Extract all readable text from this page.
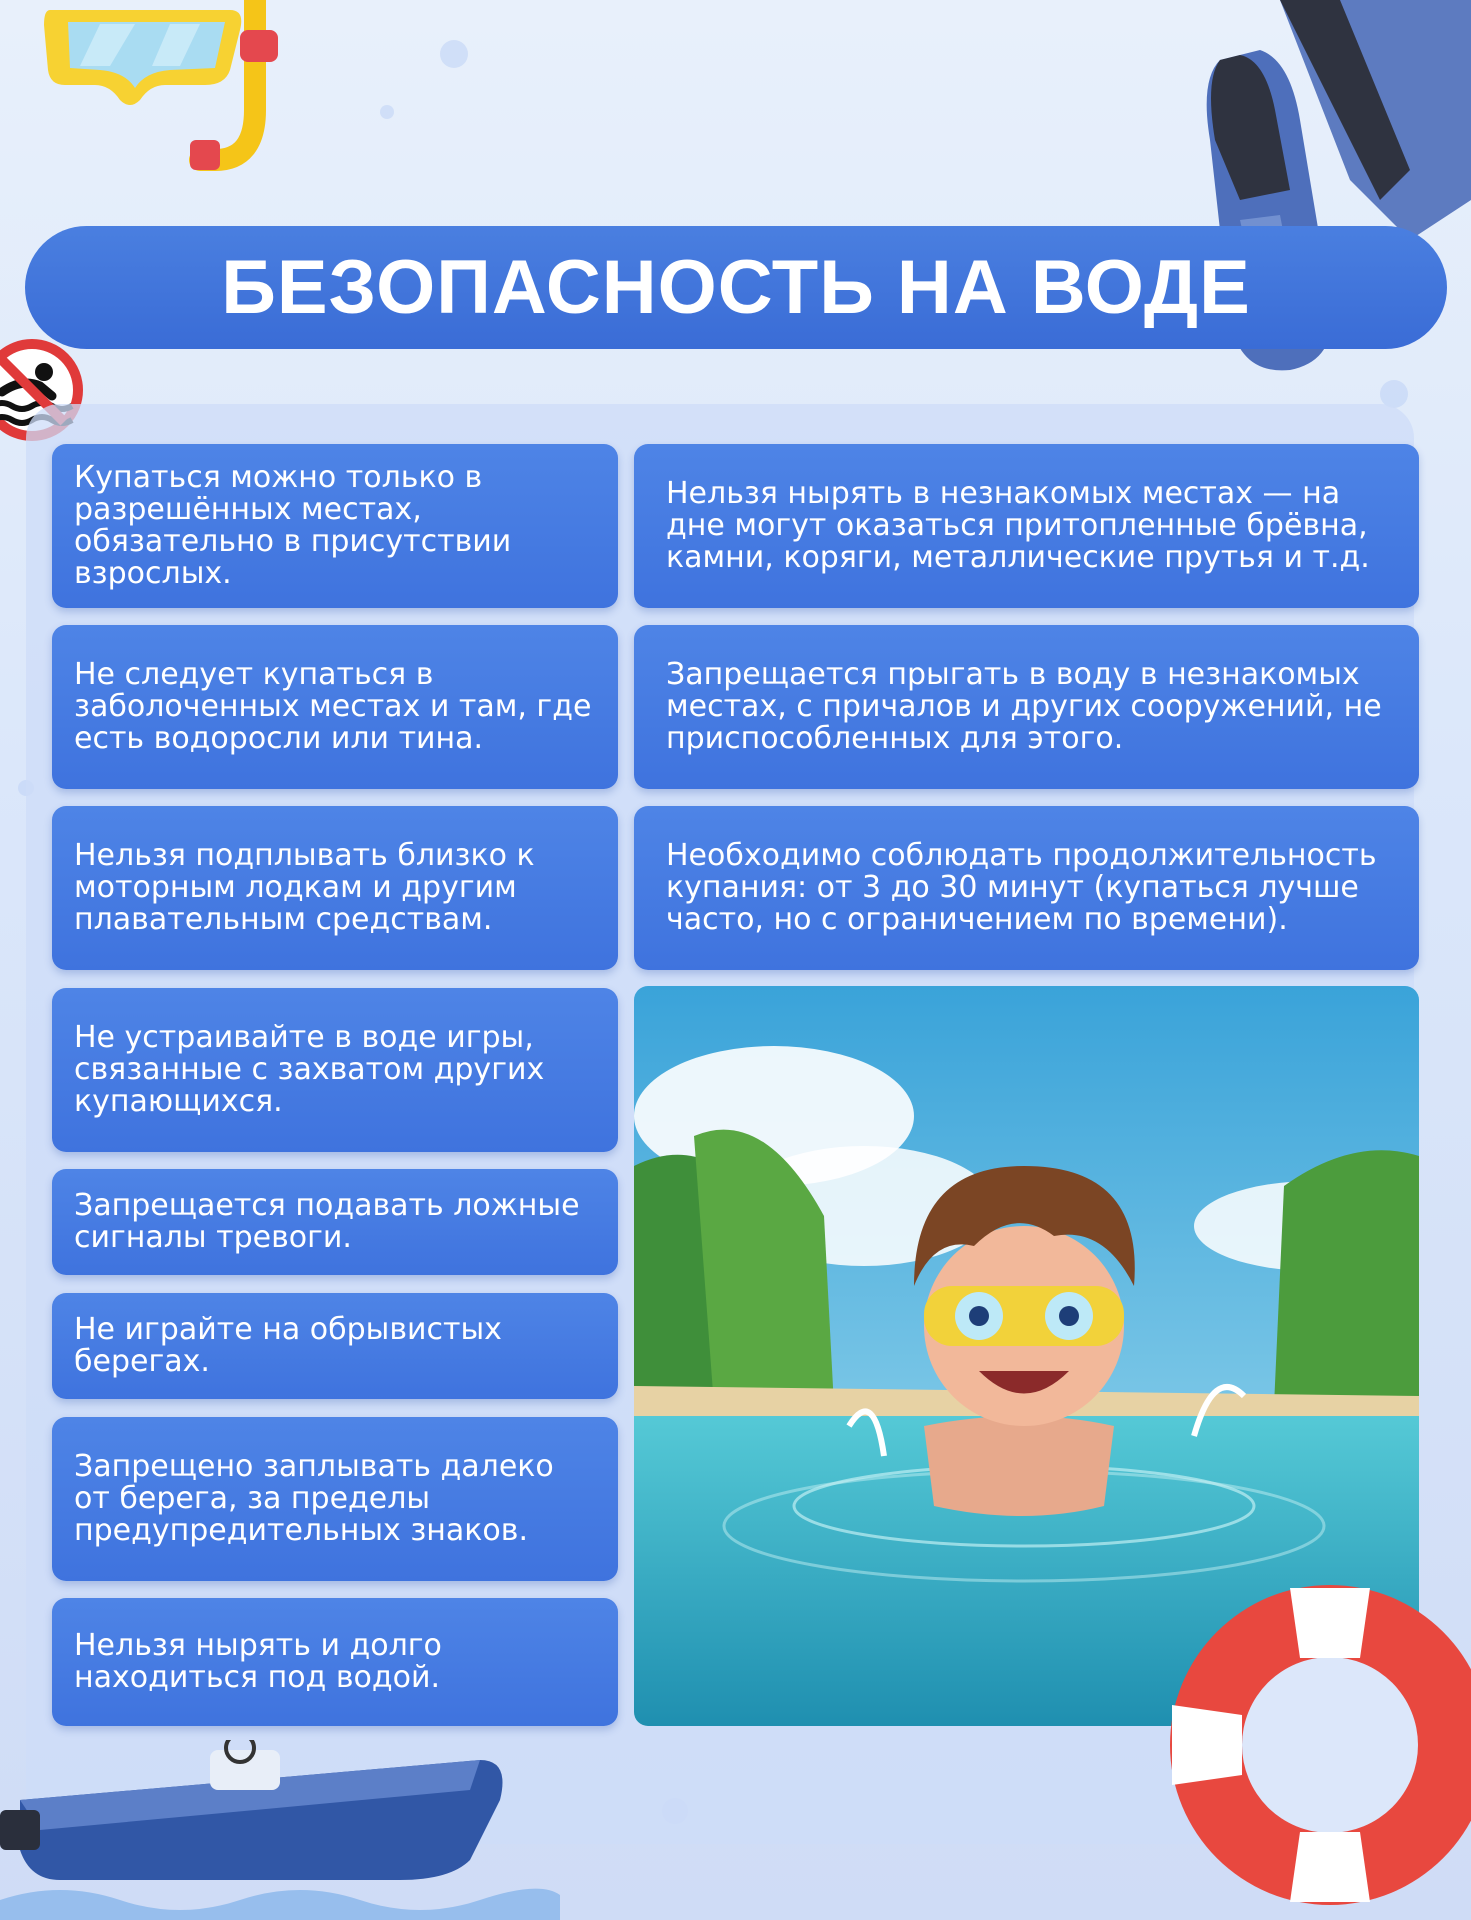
БЕЗОПАСНОСТЬ НА ВОДЕ
Купаться можно только в разрешённых местах, обязательно в присутствии взрослых.
Не следует купаться в заболоченных местах и там, где есть водоросли или тина.
Нельзя подплывать близко к моторным лодкам и другим плавательным средствам.
Не устраивайте в воде игры, связанные с захватом других купающихся.
Запрещается подавать ложные сигналы тревоги.
Не играйте на обрывистых берегах.
Запрещено заплывать далеко от берега, за пределы предупредительных знаков.
Нельзя нырять и долго находиться под водой.
Нельзя нырять в незнакомых местах — на дне могут оказаться притопленные брёвна, камни, коряги, металлические прутья и т.д.
Запрещается прыгать в воду в незнакомых местах, с причалов и других сооружений, не приспособленных для этого.
Необходимо соблюдать продолжительность купания: от 3 до 30 минут (купаться лучше часто, но с ограничением по времени).
